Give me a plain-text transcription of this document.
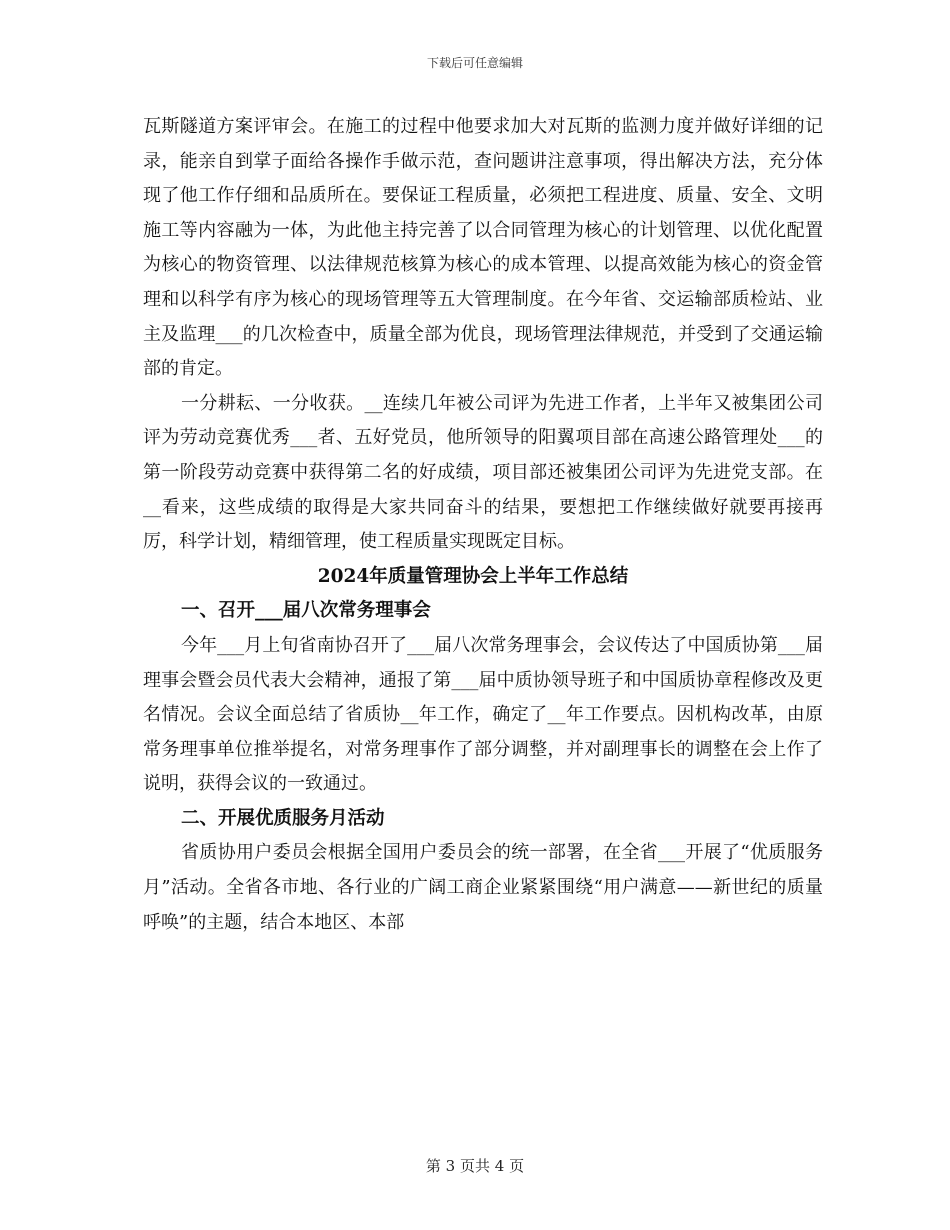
下载后可任意编辑

瓦斯隧道方案评审会。在施工的过程中他要求加大对瓦斯的监测力度并做好详细的记录，能亲自到掌子面给各操作手做示范，查问题讲注意事项，得出解决方法，充分体现了他工作仔细和品质所在。要保证工程质量，必须把工程进度、质量、安全、文明施工等内容融为一体，为此他主持完善了以合同管理为核心的计划管理、以优化配置为核心的物资管理、以法律规范核算为核心的成本管理、以提高效能为核心的资金管理和以科学有序为核心的现场管理等五大管理制度。在今年省、交运输部质检站、业主及监理___的几次检查中，质量全部为优良，现场管理法律规范，并受到了交通运输部的肯定。

一分耕耘、一分收获。__连续几年被公司评为先进工作者，上半年又被集团公司评为劳动竞赛优秀___者、五好党员，他所领导的阳翼项目部在高速公路管理处___的第一阶段劳动竞赛中获得第二名的好成绩，项目部还被集团公司评为先进党支部。在__看来，这些成绩的取得是大家共同奋斗的结果，要想把工作继续做好就要再接再厉，科学计划，精细管理，使工程质量实现既定目标。

2024年质量管理协会上半年工作总结

一、召开___届八次常务理事会

今年___月上旬省南协召开了___届八次常务理事会，会议传达了中国质协第___届理事会暨会员代表大会精神，通报了第___届中质协领导班子和中国质协章程修改及更名情况。会议全面总结了省质协__年工作，确定了__年工作要点。因机构改革，由原常务理事单位推举提名，对常务理事作了部分调整，并对副理事长的调整在会上作了说明，获得会议的一致通过。

二、开展优质服务月活动

省质协用户委员会根据全国用户委员会的统一部署，在全省___开展了“优质服务月”活动。全省各市地、各行业的广阔工商企业紧紧围绕“用户满意——新世纪的质量呼唤”的主题，结合本地区、本部

第 3 页共 4 页
